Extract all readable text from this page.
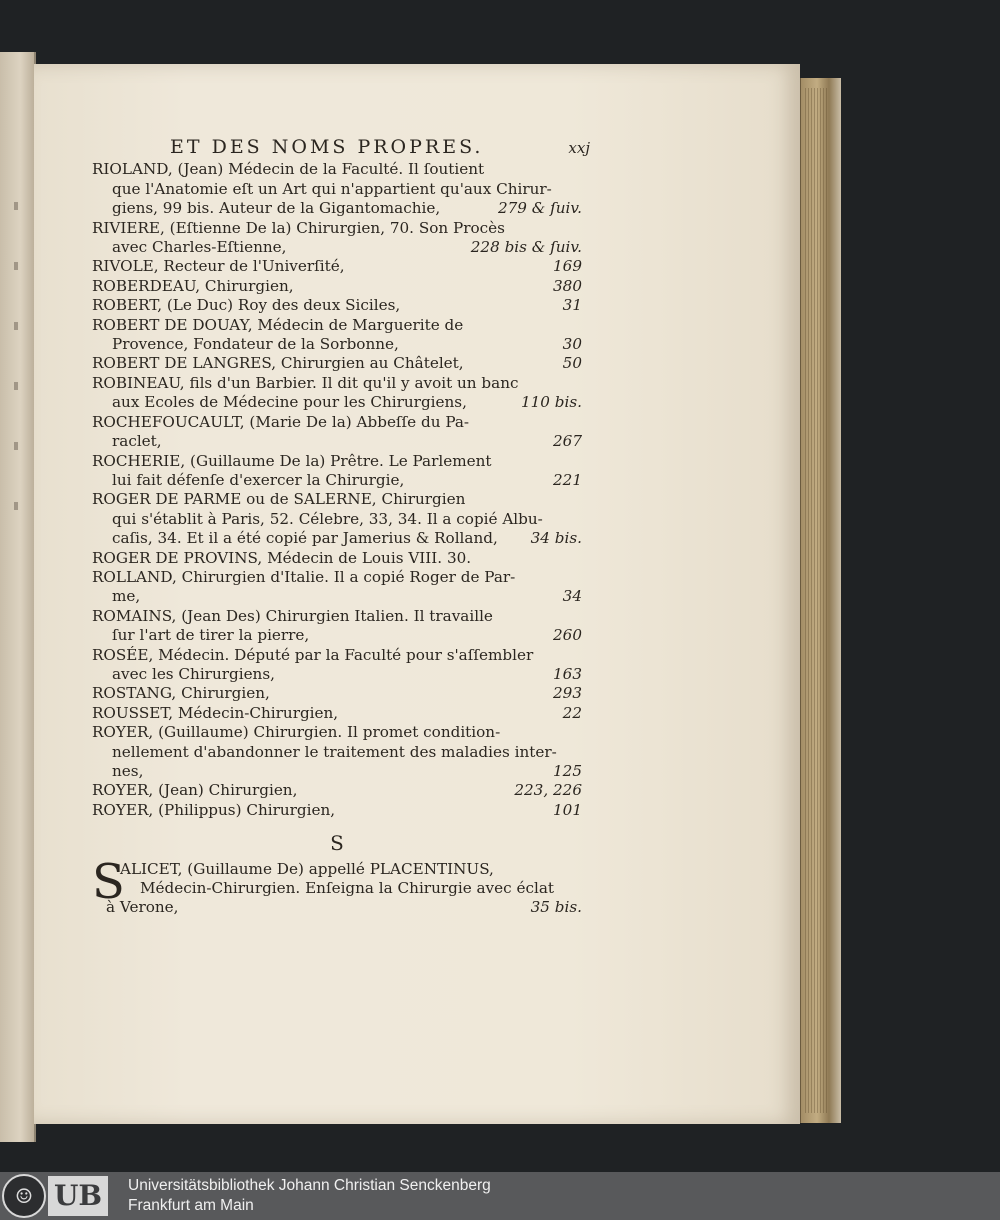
ET DES NOMS PROPRES.	xxj
RIOLAND, (Jean) Médecin de la Faculté. Il ſoutient
que l'Anatomie eſt un Art qui n'appartient qu'aux Chirur-
giens, 99 bis. Auteur de la Gigantomachie,	279 & ſuiv.
RIVIERE, (Eſtienne De la) Chirurgien, 70. Son Procès
avec Charles-Eſtienne,	228 bis & ſuiv.
RIVOLE, Recteur de l'Univerſité,	169
ROBERDEAU, Chirurgien,	380
ROBERT, (Le Duc) Roy des deux Siciles,	31
ROBERT DE DOUAY, Médecin de Marguerite de
Provence, Fondateur de la Sorbonne,	30
ROBERT DE LANGRES, Chirurgien au Châtelet,	50
ROBINEAU, fils d'un Barbier. Il dit qu'il y avoit un banc
aux Ecoles de Médecine pour les Chirurgiens,	110 bis.
ROCHEFOUCAULT, (Marie De la) Abbeſſe du Pa-
raclet,	267
ROCHERIE, (Guillaume De la) Prêtre. Le Parlement
lui fait défenſe d'exercer la Chirurgie,	221
ROGER DE PARME ou de SALERNE, Chirurgien
qui s'établit à Paris, 52. Célebre, 33, 34. Il a copié Albu-
caſis, 34. Et il a été copié par Jamerius & Rolland, 34 bis.
ROGER DE PROVINS, Médecin de Louis VIII. 30.
ROLLAND, Chirurgien d'Italie. Il a copié Roger de Par-
me,	34
ROMAINS, (Jean Des) Chirurgien Italien. Il travaille
ſur l'art de tirer la pierre,	260
ROSÉE, Médecin. Député par la Faculté pour s'aſſembler
avec les Chirurgiens,	163
ROSTANG, Chirurgien,	293
ROUSSET, Médecin-Chirurgien,	22
ROYER, (Guillaume) Chirurgien. Il promet condition-
nellement d'abandonner le traitement des maladies inter-
nes,	125
ROYER, (Jean) Chirurgien,	223, 226
ROYER, (Philippus) Chirurgien,	101
S
S
ALICET, (Guillaume De) appellé PLACENTINUS,
Médecin-Chirurgien. Enſeigna la Chirurgie avec éclat
à Verone,	35 bis.
☺ UB	Universitätsbibliothek Johann Christian Senckenberg
Frankfurt am Main
